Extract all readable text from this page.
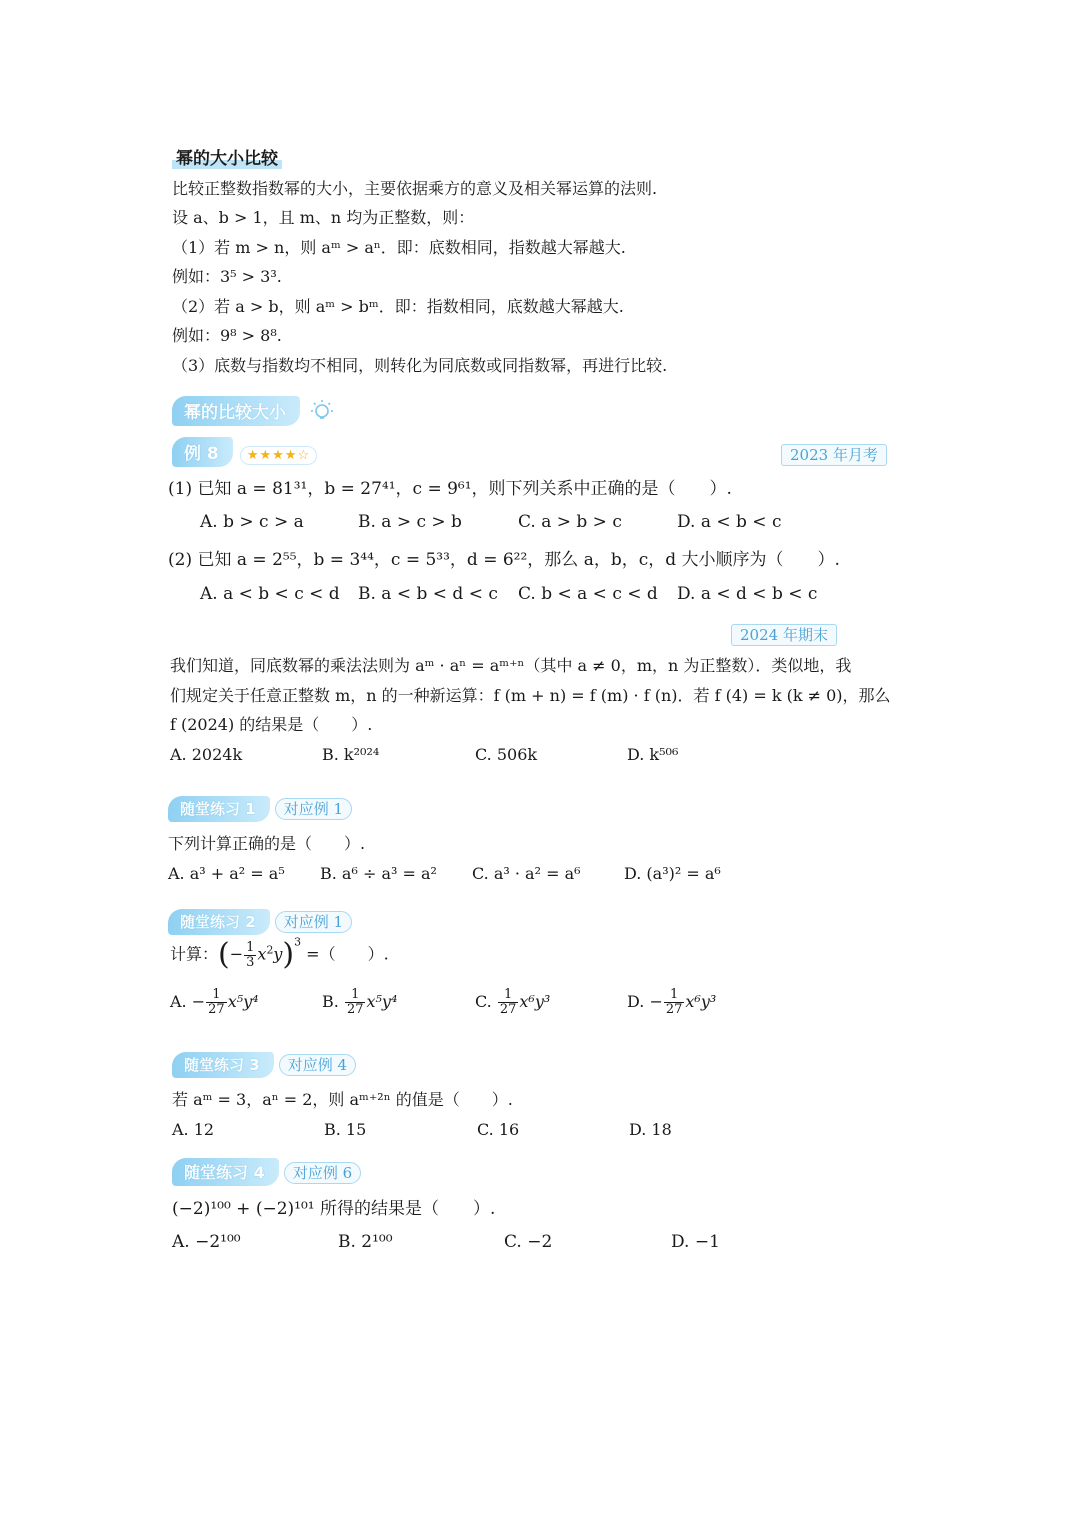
幂的大小比较
比较正整数指数幂的大小，主要依据乘方的意义及相关幂运算的法则.
设 a、b > 1，且 m、n 均为正整数，则：
（1）若 m > n，则 aᵐ > aⁿ．即：底数相同，指数越大幂越大.
例如：3⁵ > 3³.
（2）若 a > b，则 aᵐ > bᵐ．即：指数相同，底数越大幂越大.
例如：9⁸ > 8⁸.
（3）底数与指数均不相同，则转化为同底数或同指数幂，再进行比较.
幂的比较大小
例 8 ★★★★☆	2023 年月考
(1) 已知 a = 81³¹，b = 27⁴¹，c = 9⁶¹，则下列关系中正确的是（　　）.
A. b > c > a	B. a > c > b	C. a > b > c	D. a < b < c
(2) 已知 a = 2⁵⁵，b = 3⁴⁴，c = 5³³，d = 6²²，那么 a，b，c，d 大小顺序为（　　）.
A. a < b < c < d B. a < b < d < c C. b < a < c < d D. a < d < b < c
2024 年期末
我们知道，同底数幂的乘法法则为 aᵐ · aⁿ = aᵐ⁺ⁿ（其中 a ≠ 0，m，n 为正整数）．类似地，我
们规定关于任意正整数 m，n 的一种新运算：f (m + n) = f (m) · f (n)．若 f (4) = k (k ≠ 0)，那么
f (2024) 的结果是（　　）.
A. 2024k	B. k²⁰²⁴	C. 506k	D. k⁵⁰⁶
随堂练习 1 对应例 1
下列计算正确的是（　　）.
A. a³ + a² = a⁵ B. a⁶ ÷ a³ = a² C. a³ · a² = a⁶	D. (a³)² = a⁶
随堂练习 2 对应例 1
计算：(− $\frac{1}{3} x^2y)^3$ =（　　）.
A. − $\frac{1}{27} x^5y^4$	B. $\frac{1}{27} x^5y^4$	C. $\frac{1}{27} x^6y^3$	D. − $\frac{1}{27} x^6y^3$
随堂练习 3 对应例 4
若 aᵐ = 3，aⁿ = 2，则 aᵐ⁺²ⁿ 的值是（　　）.
A. 12	B. 15	C. 16	D. 18
随堂练习 4 对应例 6
(−2)¹⁰⁰ + (−2)¹⁰¹ 所得的结果是（　　）.
A. −2¹⁰⁰	B. 2¹⁰⁰	C. −2	D. −1
